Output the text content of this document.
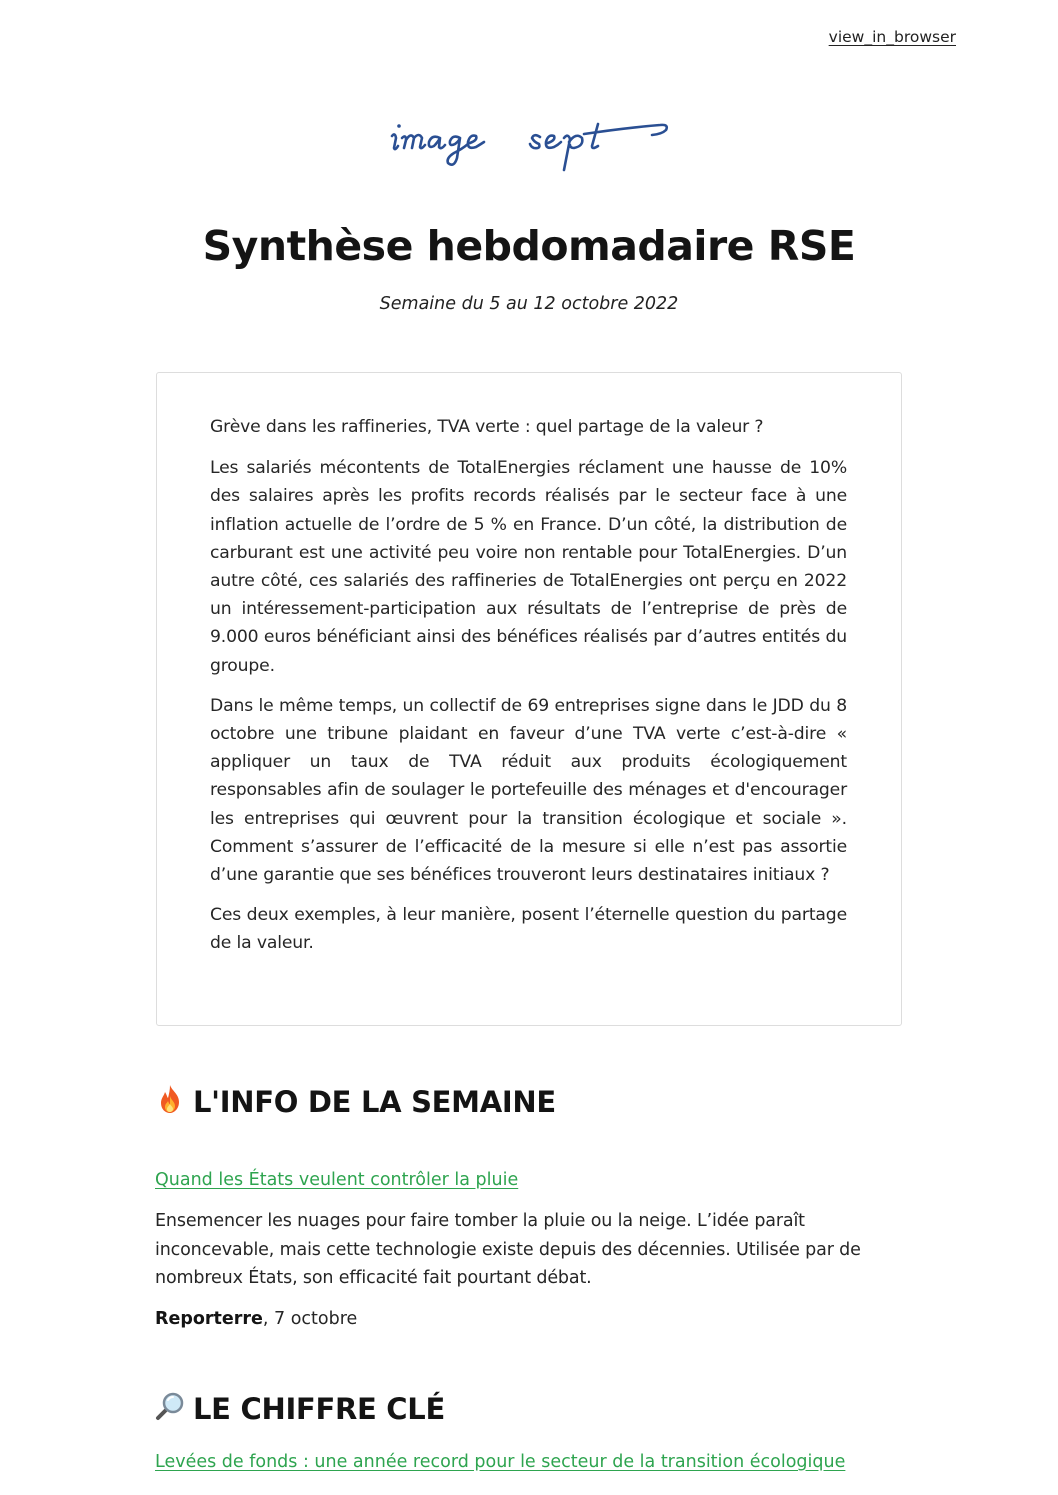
view_in_browser
Synthèse hebdomadaire RSE

Semaine du 5 au 12 octobre 2022

Grève dans les raffineries, TVA verte : quel partage de la valeur ?

Les salariés mécontents de TotalEnergies réclament une hausse de 10% des salaires après les profits records réalisés par le secteur face à une inflation actuelle de l’ordre de 5 % en France. D’un côté, la distribution de carburant est une activité peu voire non rentable pour TotalEnergies. D’un autre côté, ces salariés des raffineries de TotalEnergies ont perçu en 2022 un intéressement-participation aux résultats de l’entreprise de près de 9.000 euros bénéficiant ainsi des bénéfices réalisés par d’autres entités du groupe.

Dans le même temps, un collectif de 69 entreprises signe dans le JDD du 8 octobre une tribune plaidant en faveur d’une TVA verte c’est-à-dire « appliquer un taux de TVA réduit aux produits écologiquement responsables afin de soulager le portefeuille des ménages et d'encourager les entreprises qui œuvrent pour la transition écologique et sociale ». Comment s’assurer de l’efficacité de la mesure si elle n’est pas assortie d’une garantie que ses bénéfices trouveront leurs destinataires initiaux ?

Ces deux exemples, à leur manière, posent l’éternelle question du partage de la valeur.

L'INFO DE LA SEMAINE
Quand les États veulent contrôler la pluie

Ensemencer les nuages pour faire tomber la pluie ou la neige. L’idée paraît inconcevable, mais cette technologie existe depuis des décennies. Utilisée par de nombreux États, son efficacité fait pourtant débat.

Reporterre, 7 octobre

LE CHIFFRE CLÉ
Levées de fonds : une année record pour le secteur de la transition écologique
